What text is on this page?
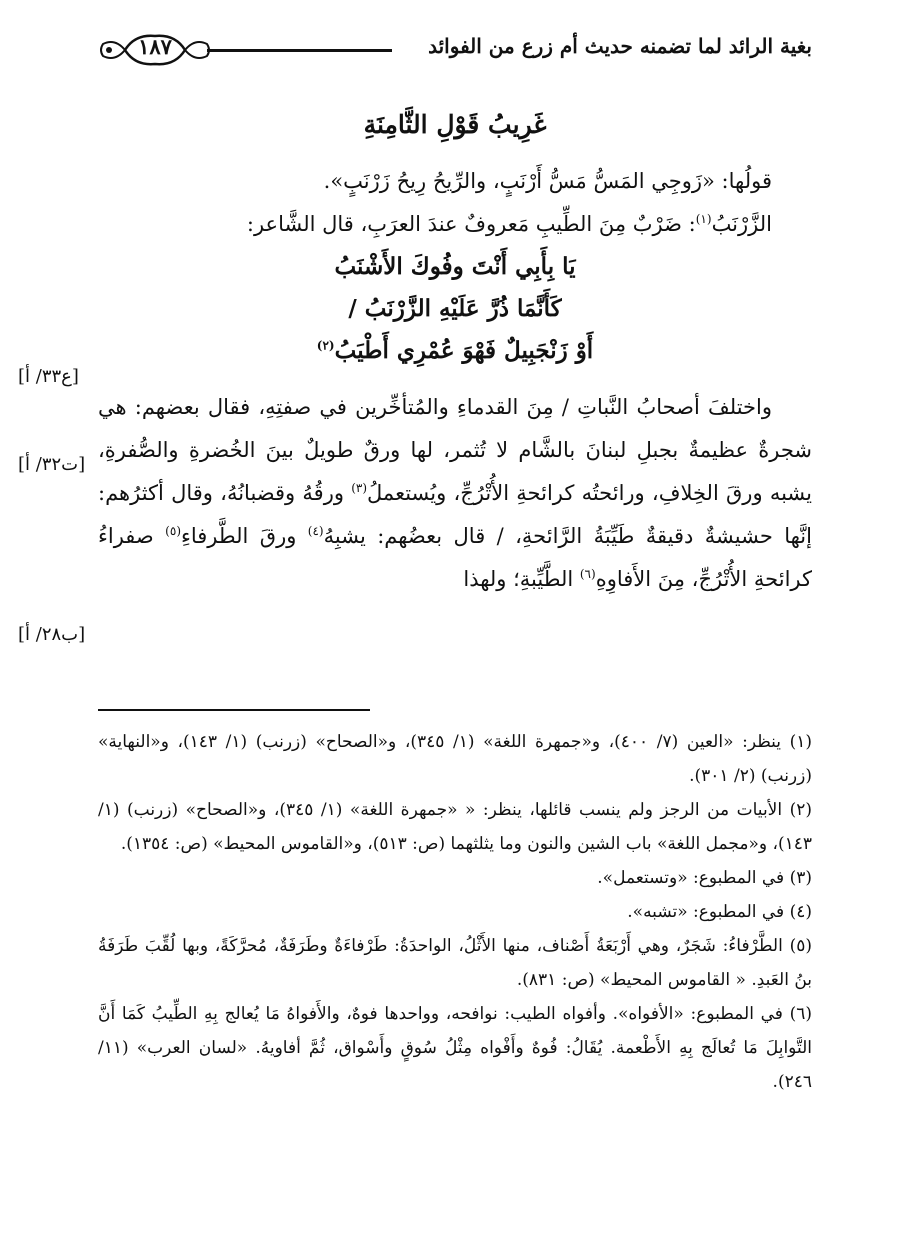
بغية الرائد لما تضمنه حديث أم زرع من الفوائد
١٨٧
غَرِيبُ قَوْلِ الثَّامِنَةِ
قولُها: «زَوجِي المَسُّ مَسُّ أَرْنَبٍ، والرِّيحُ رِيحُ زَرْنَبٍ».
الزَّرْنَبُ$^{(١)}$: ضَرْبٌ مِنَ الطِّيبِ مَعروفٌ عندَ العرَبِ، قال الشَّاعر:
يَا بِأَبِي أَنْتَ وفُوكَ الأَشْنَبُ
كَأَنَّمَا ذُرَّ عَلَيْهِ الزَّرْنَبُ /
أَوْ زَنْجَبِيلٌ فَهْوَ عُمْرِي أَطْيَبُ$^{(٢)}$
واختلفَ أصحابُ النَّباتِ / مِنَ القدماءِ والمُتأخِّرين في صفتِهِ، فقال بعضهم: هي شجرةٌ عظيمةٌ بجبلِ لبنانَ بالشَّام لا تُثمر، لها ورقٌ طويلٌ بينَ الخُضرةِ والصُّفرةِ، يشبه ورقَ الخِلافِ، ورائحتُه كرائحةِ الأُتْرُجِّ، ويُستعملُ$^{(٣)}$ ورقُهُ وقضبانُهُ، وقال أكثرُهم: إنَّها حشيشةٌ دقيقةٌ طَيِّبَةُ الرَّائحةِ، / قال بعضُهم: يشبِهُ$^{(٤)}$ ورقَ الطَّرفاءِ$^{(٥)}$ صفراءُ كرائحةِ الأُتْرُجِّ، مِنَ الأَفاوِهِ$^{(٦)}$ الطَّيِّبةِ؛ ولهذا
[ع٣٣/ أ]
[ت٣٢/ أ]
[ب٢٨/ أ]

(١) ينظر: «العين (٧/ ٤٠٠)، و«جمهرة اللغة» (١/ ٣٤٥)، و«الصحاح» (زرنب) (١/ ١٤٣)، و«النهاية» (زرنب) (٢/ ٣٠١).

(٢) الأبيات من الرجز ولم ينسب قائلها، ينظر: « «جمهرة اللغة» (١/ ٣٤٥)، و«الصحاح» (زرنب) (١/ ١٤٣)، و«مجمل اللغة» باب الشين والنون وما يثلثهما (ص: ٥١٣)، و«القاموس المحيط» (ص: ١٣٥٤).

(٣) في المطبوع: «وتستعمل».

(٤) في المطبوع: «تشبه».

(٥) الطَّرْفاءُ: شَجَرٌ، وهي أَرْبَعَةُ أَصْناف، منها الأَثْلُ، الواحدَةُ: طَرْفاءَةٌ وطَرَفَةٌ، مُحرَّكَةً، وبها لُقِّبَ طَرَفَةُ بنُ العَبدِ. « القاموس المحيط» (ص: ٨٣١).

(٦) في المطبوع: «الأفواه». وأفواه الطيب: نوافحه، وواحدها فوهٌ، والأَفواهُ مَا يُعالج بِهِ الطِّيبُ كَمَا أَنَّ التَّوابِلَ مَا تُعالَج بِهِ الأَطْعمة. يُقَالُ: فُوهٌ وأَفْواه مِثْلُ سُوقٍ وأَسْواق، ثُمَّ أفاويهُ. «لسان العرب» (١١/ ٢٤٦).
